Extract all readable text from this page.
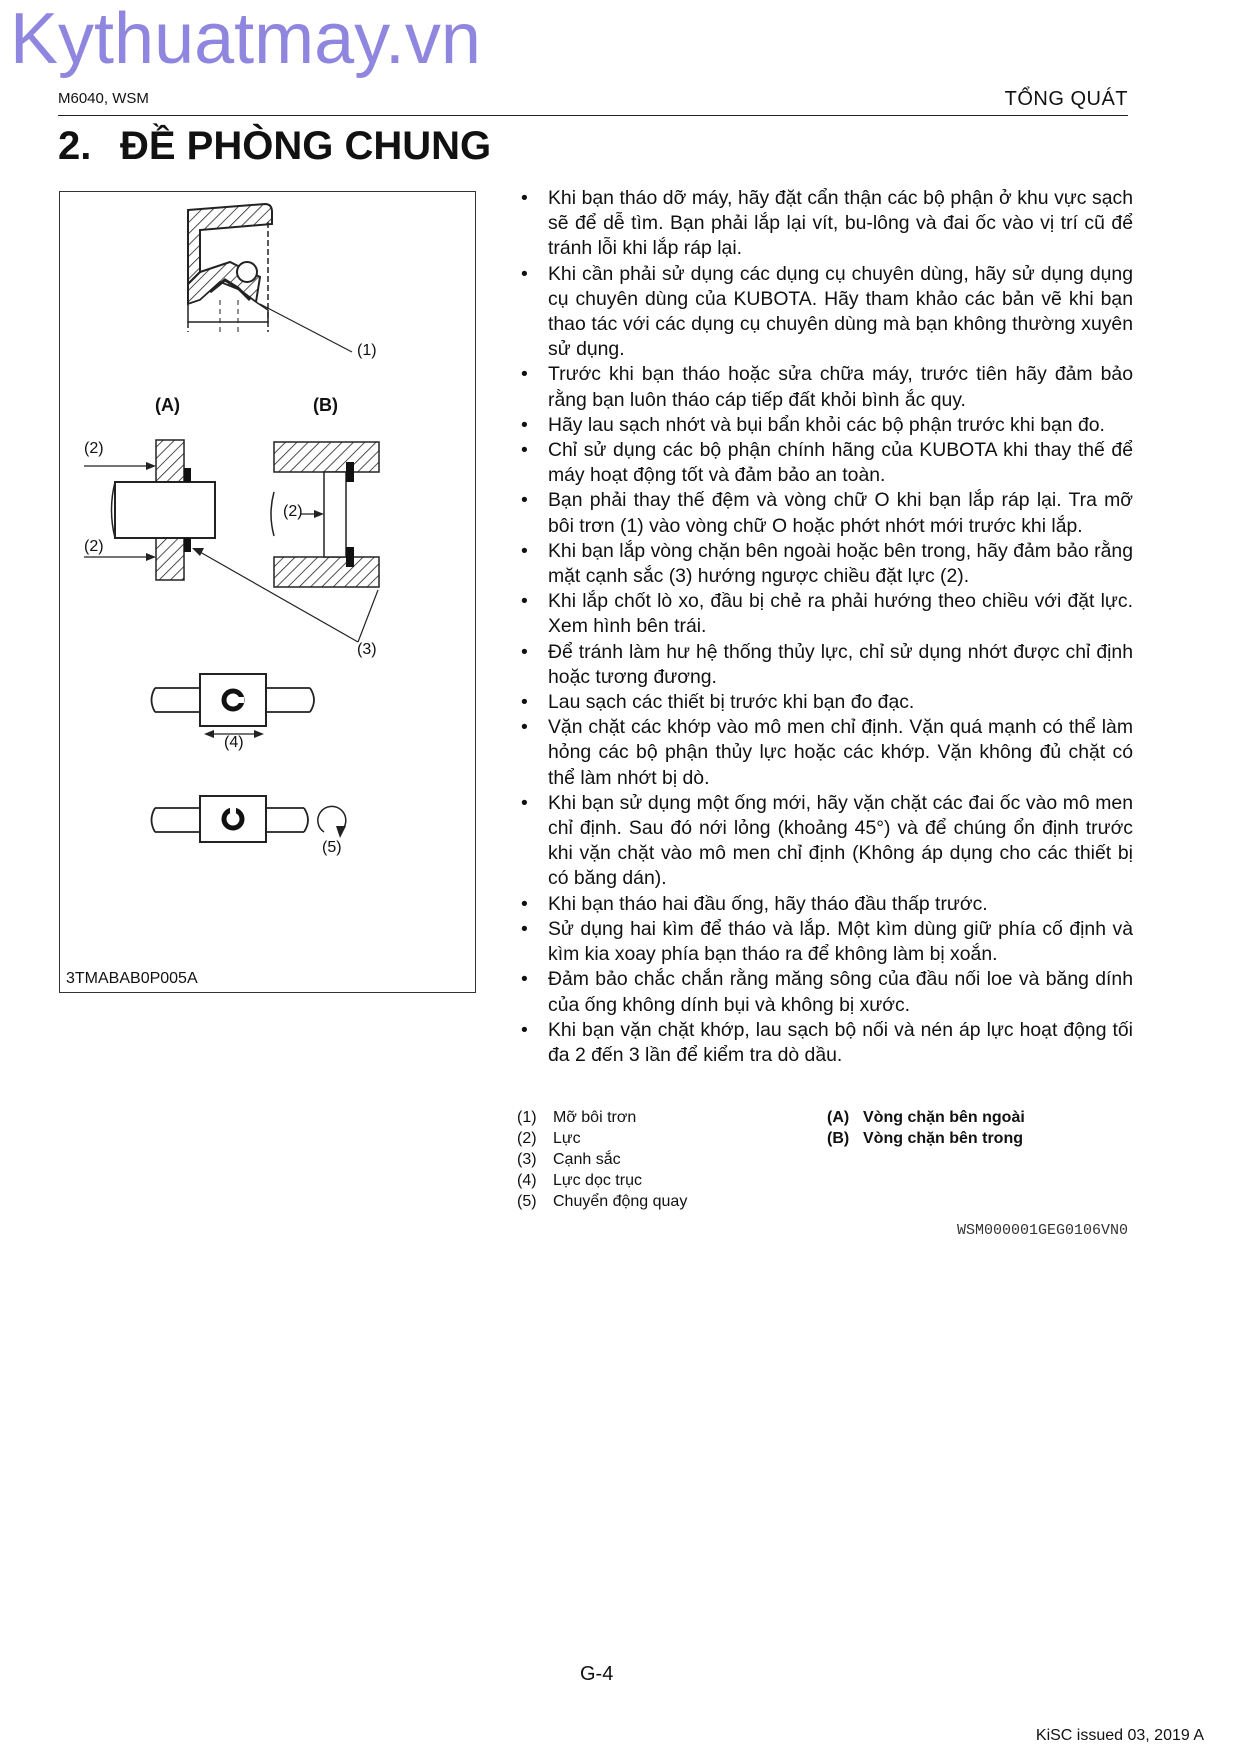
Kythuatmay.vn
M6040, WSM	TỔNG QUÁT
2. ĐỀ PHÒNG CHUNG
(1)
(A)	(B)
(2)
(2)
(2)
(3)
(4)
(5)
3TMABAB0P005A
• Khi bạn tháo dỡ máy, hãy đặt cẩn thận các bộ phận ở khu vực sạch sẽ để dễ tìm. Bạn phải lắp lại vít, bu-lông và đai ốc vào vị trí cũ để tránh lỗi khi lắp ráp lại.
• Khi cần phải sử dụng các dụng cụ chuyên dùng, hãy sử dụng dụng cụ chuyên dùng của KUBOTA. Hãy tham khảo các bản vẽ khi bạn thao tác với các dụng cụ chuyên dùng mà bạn không thường xuyên sử dụng.
• Trước khi bạn tháo hoặc sửa chữa máy, trước tiên hãy đảm bảo rằng bạn luôn tháo cáp tiếp đất khỏi bình ắc quy.
• Hãy lau sạch nhớt và bụi bẩn khỏi các bộ phận trước khi bạn đo.
• Chỉ sử dụng các bộ phận chính hãng của KUBOTA khi thay thế để máy hoạt động tốt và đảm bảo an toàn.
• Bạn phải thay thế đệm và vòng chữ O khi bạn lắp ráp lại. Tra mỡ bôi trơn (1) vào vòng chữ O hoặc phớt nhớt mới trước khi lắp.
• Khi bạn lắp vòng chặn bên ngoài hoặc bên trong, hãy đảm bảo rằng mặt cạnh sắc (3) hướng ngược chiều đặt lực (2).
• Khi lắp chốt lò xo, đầu bị chẻ ra phải hướng theo chiều với đặt lực. Xem hình bên trái.
• Để tránh làm hư hệ thống thủy lực, chỉ sử dụng nhớt được chỉ định hoặc tương đương.
• Lau sạch các thiết bị trước khi bạn đo đạc.
• Vặn chặt các khớp vào mô men chỉ định. Vặn quá mạnh có thể làm hỏng các bộ phận thủy lực hoặc các khớp. Vặn không đủ chặt có thể làm nhớt bị dò.
• Khi bạn sử dụng một ống mới, hãy vặn chặt các đai ốc vào mô men chỉ định. Sau đó nới lỏng (khoảng 45°) và để chúng ổn định trước khi vặn chặt vào mô men chỉ định (Không áp dụng cho các thiết bị có băng dán).
• Khi bạn tháo hai đầu ống, hãy tháo đầu thấp trước.
• Sử dụng hai kìm để tháo và lắp. Một kìm dùng giữ phía cố định và kìm kia xoay phía bạn tháo ra để không làm bị xoắn.
• Đảm bảo chắc chắn rằng măng sông của đầu nối loe và băng dính của ống không dính bụi và không bị xước.
• Khi bạn vặn chặt khớp, lau sạch bộ nối và nén áp lực hoạt động tối đa 2 đến 3 lần để kiểm tra dò dầu.
(1) Mỡ bôi trơn
(2) Lực
(3) Cạnh sắc
(4) Lực dọc trục
(5) Chuyển động quay
(A) Vòng chặn bên ngoài
(B) Vòng chặn bên trong
WSM000001GEG0106VN0
G-4
KiSC issued 03, 2019 A
